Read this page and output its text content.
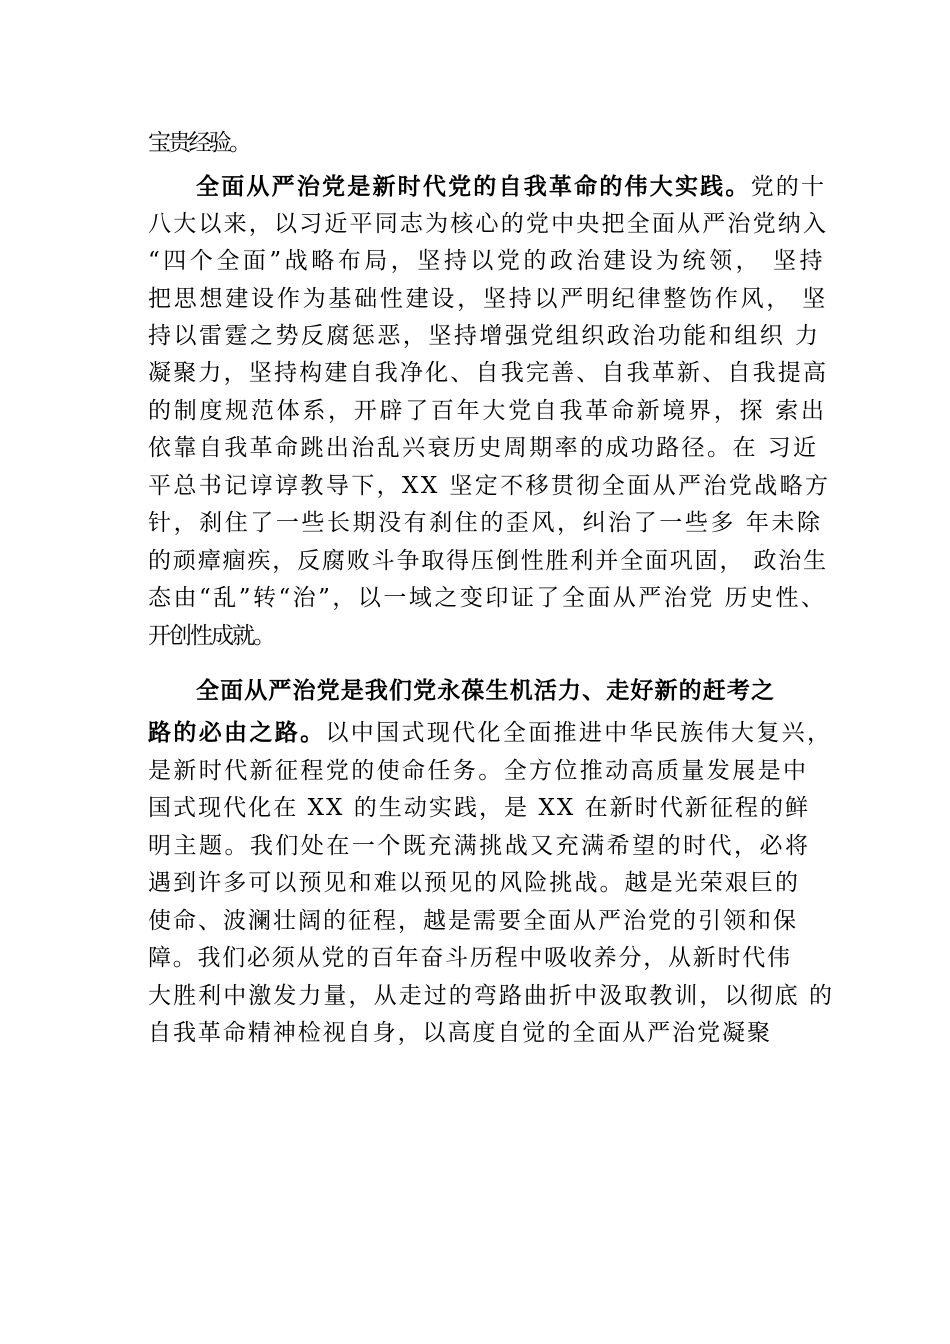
宝贵经验。
全面从严治党是新时代党的自我革命的伟大实践。党的十
八大以来，以习近平同志为核心的党中央把全面从严治党纳入
“四个全面”战略布局，坚持以党的政治建设为统领， 坚持
把思想建设作为基础性建设，坚持以严明纪律整饬作风， 坚
持以雷霆之势反腐惩恶，坚持增强党组织政治功能和组织 力
凝聚力，坚持构建自我净化、自我完善、自我革新、自我提高
的制度规范体系，开辟了百年大党自我革命新境界，探 索出
依靠自我革命跳出治乱兴衰历史周期率的成功路径。在 习近
平总书记谆谆教导下，XX 坚定不移贯彻全面从严治党战略方
针，刹住了一些长期没有刹住的歪风，纠治了一些多 年未除
的顽瘴痼疾，反腐败斗争取得压倒性胜利并全面巩固， 政治生
态由“乱”转“治”，以一域之变印证了全面从严治党 历史性、
开创性成就。
全面从严治党是我们党永葆生机活力、走好新的赶考之
路的必由之路。以中国式现代化全面推进中华民族伟大复兴，
是新时代新征程党的使命任务。全方位推动高质量发展是中
国式现代化在 XX 的生动实践，是 XX 在新时代新征程的鲜
明主题。我们处在一个既充满挑战又充满希望的时代，必将
遇到许多可以预见和难以预见的风险挑战。越是光荣艰巨的
使命、波澜壮阔的征程，越是需要全面从严治党的引领和保
障。我们必须从党的百年奋斗历程中吸收养分，从新时代伟
大胜利中激发力量，从走过的弯路曲折中汲取教训，以彻底 的
自我革命精神检视自身，以高度自觉的全面从严治党凝聚
